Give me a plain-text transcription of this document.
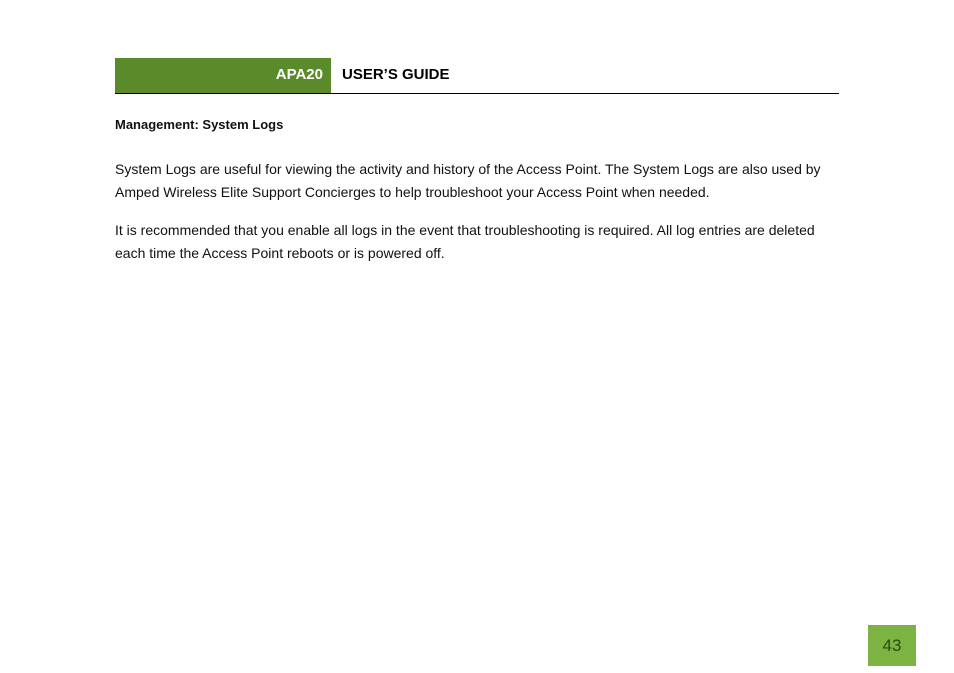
APA20 USER’S GUIDE
Management: System Logs

System Logs are useful for viewing the activity and history of the Access Point. The System Logs are also used by Amped Wireless Elite Support Concierges to help troubleshoot your Access Point when needed.

It is recommended that you enable all logs in the event that troubleshooting is required. All log entries are deleted each time the Access Point reboots or is powered off.

43
